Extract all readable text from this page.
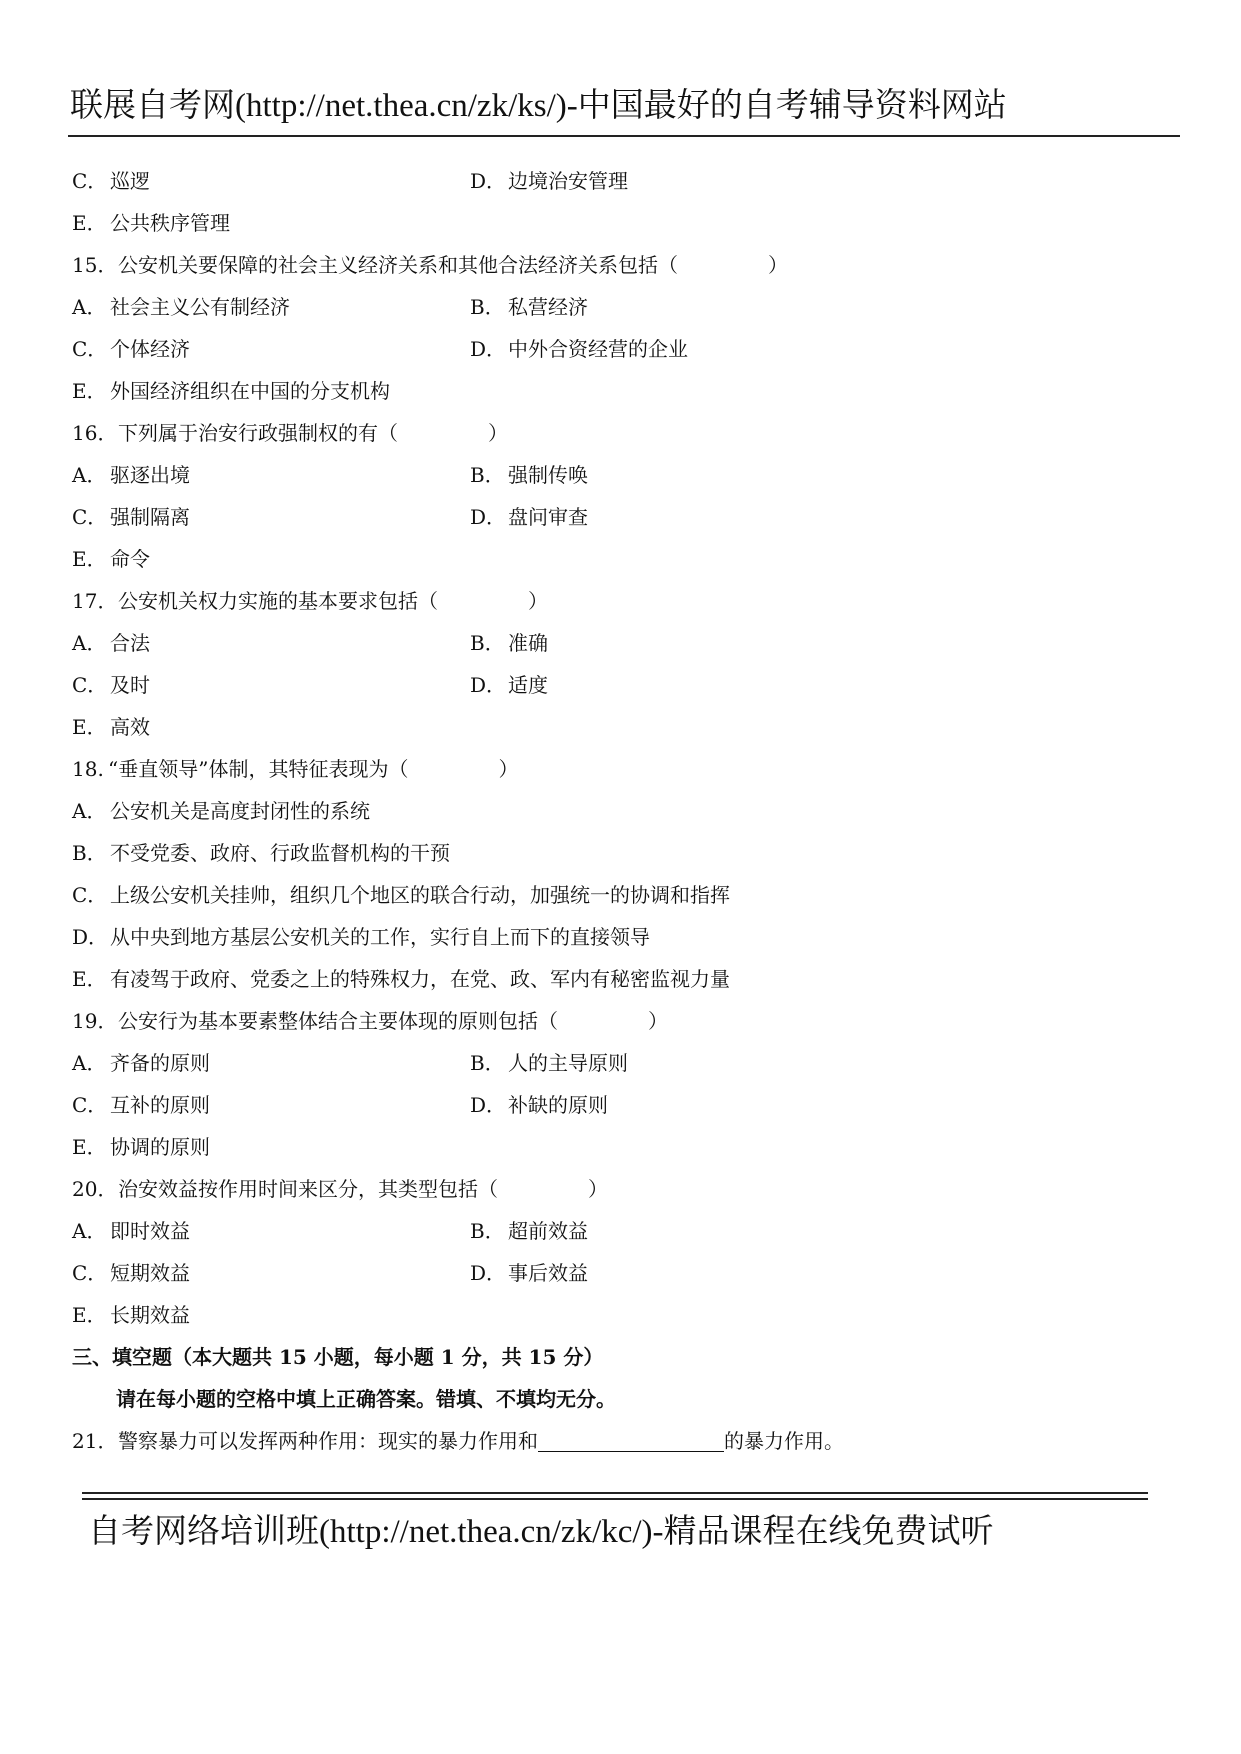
联展自考网(http://net.thea.cn/zk/ks/)-中国最好的自考辅导资料网站
C． 巡逻	D．边境治安管理
E． 公共秩序管理
15．公安机关要保障的社会主义经济关系和其他合法经济关系包括（	）
A． 社会主义公有制经济	B． 私营经济
C． 个体经济	D．中外合资经营的企业
E． 外国经济组织在中国的分支机构
16．下列属于治安行政强制权的有（	）
A． 驱逐出境	B． 强制传唤
C． 强制隔离	D．盘问审查
E． 命令
17．公安机关权力实施的基本要求包括（	）
A． 合法	B． 准确
C． 及时	D．适度
E． 高效
18. “垂直领导”体制，其特征表现为（	）
A． 公安机关是高度封闭性的系统
B． 不受党委、政府、行政监督机构的干预
C． 上级公安机关挂帅，组织几个地区的联合行动，加强统一的协调和指挥
D．从中央到地方基层公安机关的工作，实行自上而下的直接领导
E． 有凌驾于政府、党委之上的特殊权力，在党、政、军内有秘密监视力量
19．公安行为基本要素整体结合主要体现的原则包括（	）
A． 齐备的原则	B． 人的主导原则
C． 互补的原则	D．补缺的原则
E． 协调的原则
20．治安效益按作用时间来区分，其类型包括（	）
A． 即时效益	B． 超前效益
C． 短期效益	D．事后效益
E． 长期效益
三、填空题（本大题共 15 小题，每小题 1 分，共 15 分）
请在每小题的空格中填上正确答案。错填、不填均无分。
21．警察暴力可以发挥两种作用：现实的暴力作用和	的暴力作用。
自考网络培训班(http://net.thea.cn/zk/kc/)-精品课程在线免费试听
